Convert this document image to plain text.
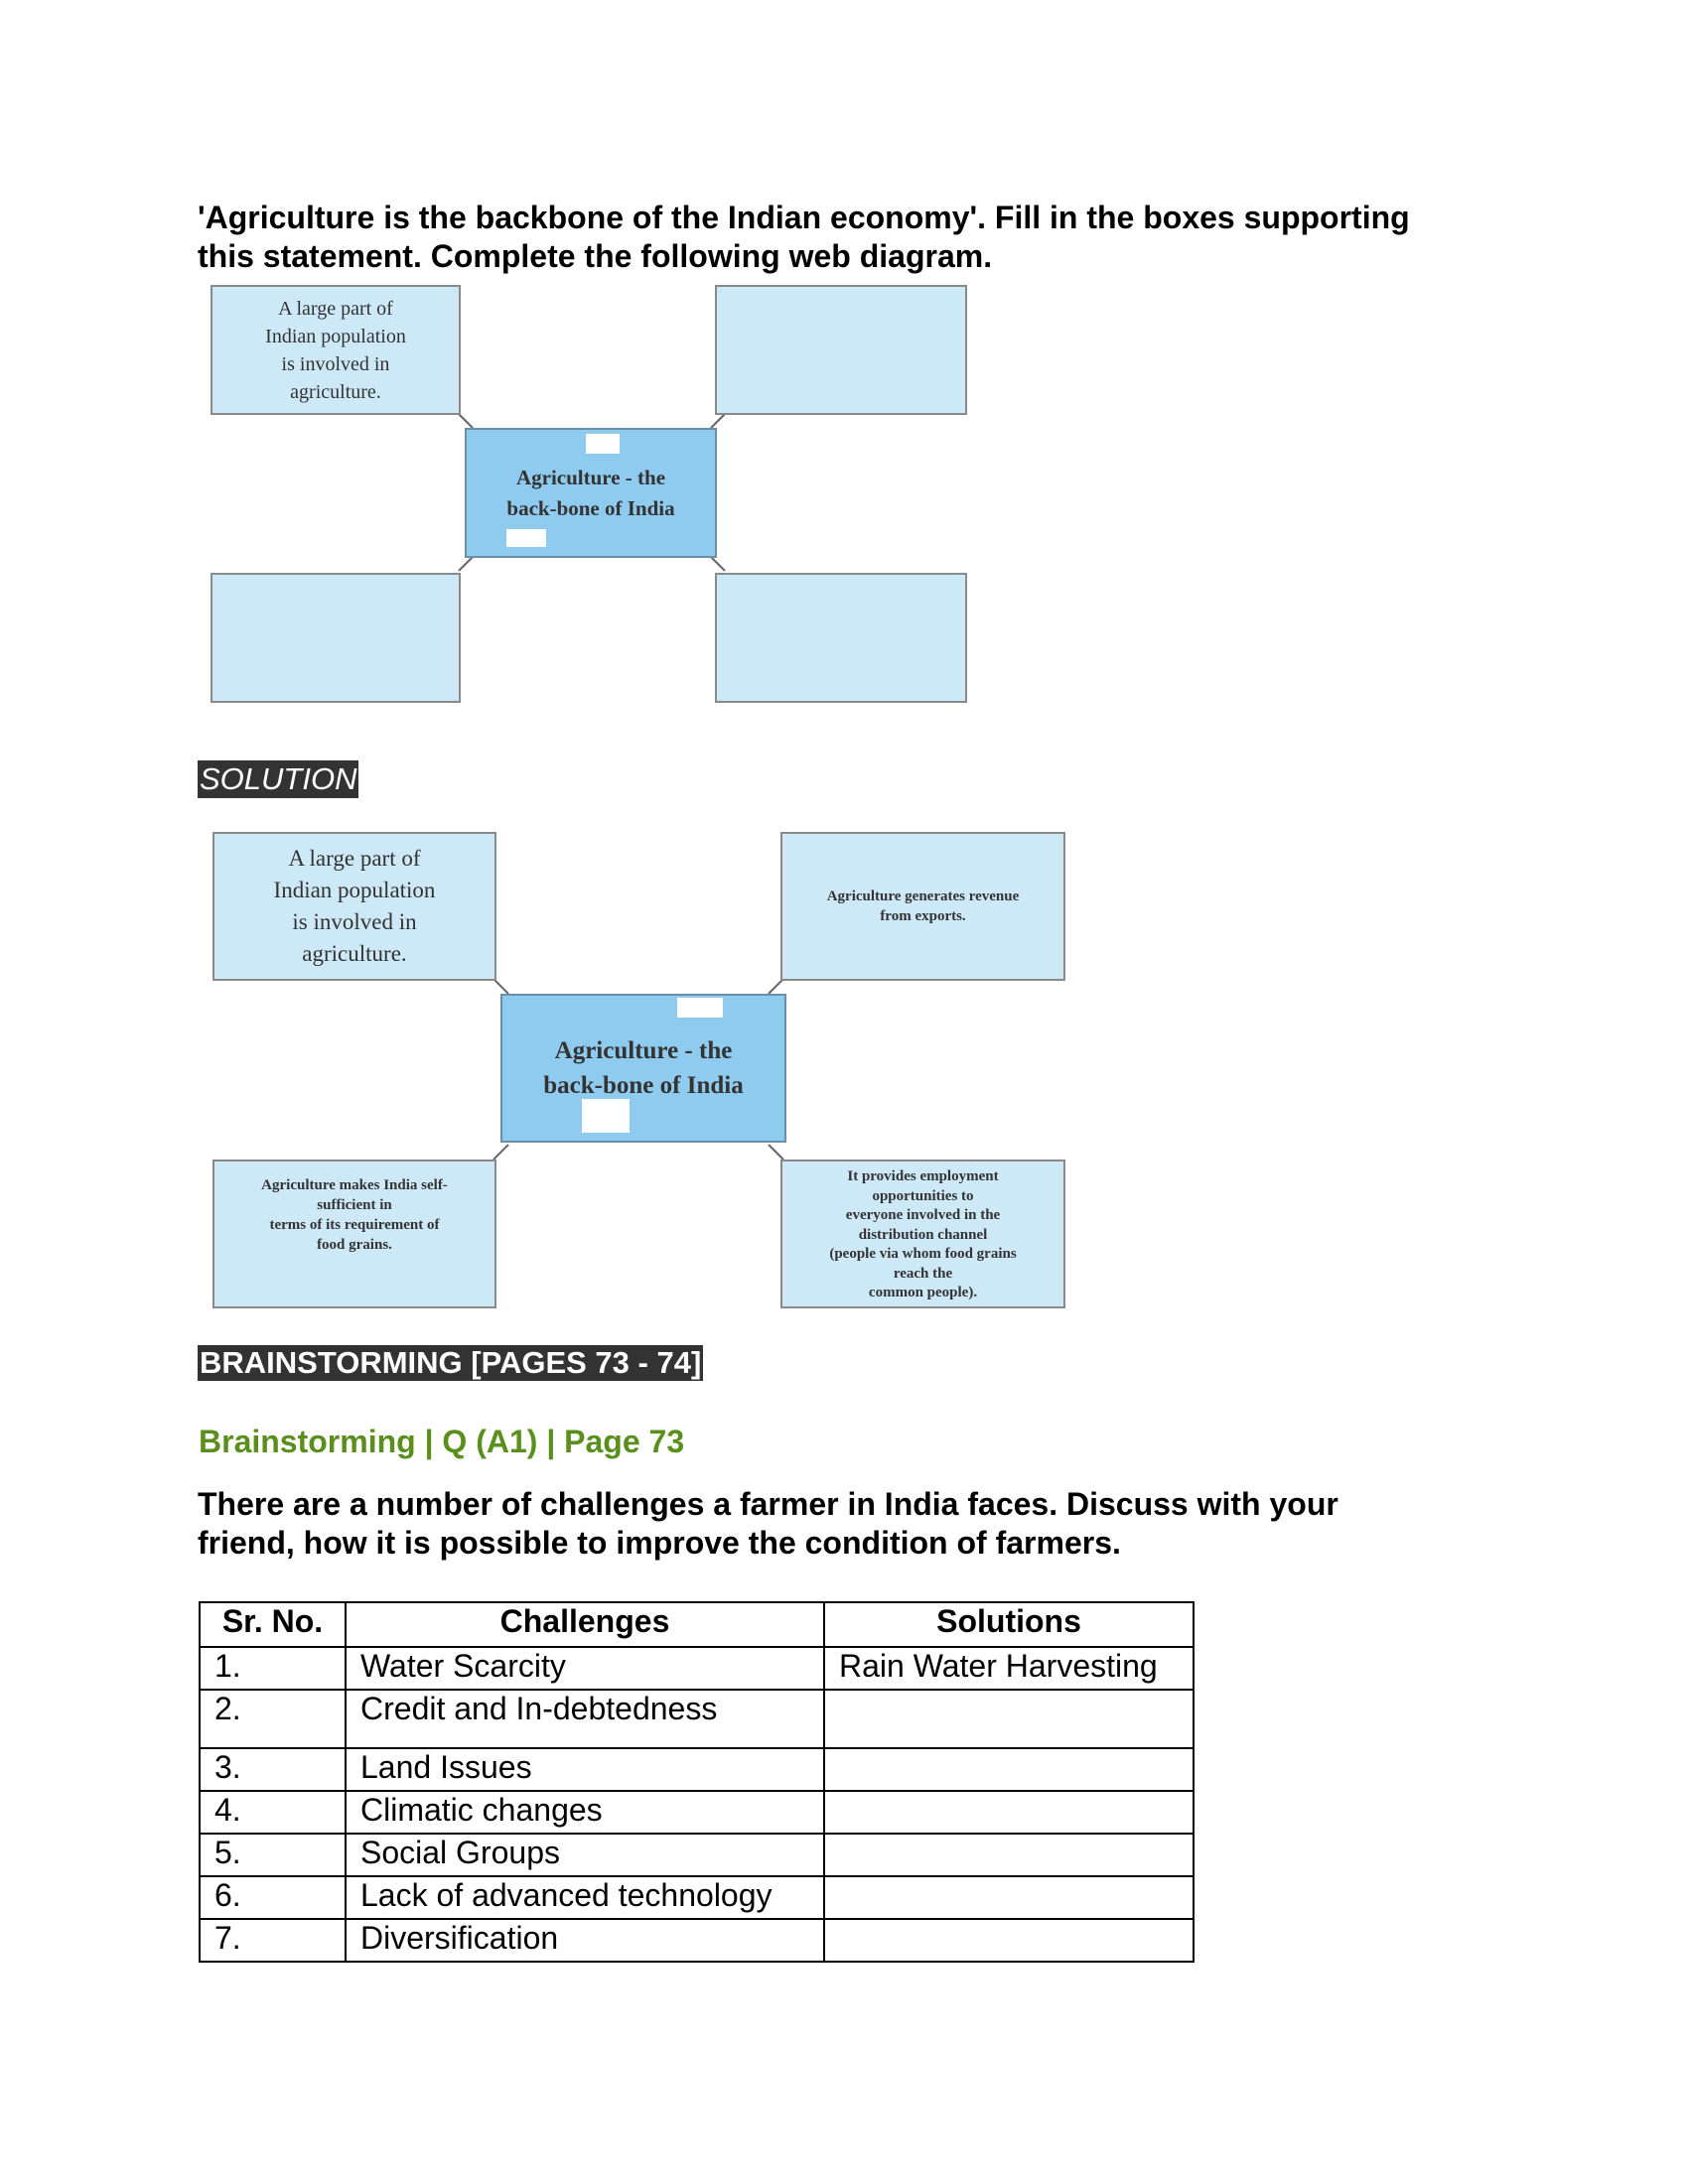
'Agriculture is the backbone of the Indian economy'. Fill in the boxes supporting
this statement. Complete the following web diagram.
A large part of
Indian population
is involved in
agriculture.
Agriculture - the
back-bone of India
SOLUTION
A large part of
Indian population
is involved in
agriculture.
Agriculture generates revenue
from exports.
Agriculture - the
back-bone of India
Agriculture makes India self-
sufficient in
terms of its requirement of
food grains.
It provides employment
opportunities to
everyone involved in the
distribution channel
(people via whom food grains
reach the
common people).
BRAINSTORMING [PAGES 73 - 74]
Brainstorming | Q (A1) | Page 73
There are a number of challenges a farmer in India faces. Discuss with your
friend, how it is possible to improve the condition of farmers.
Sr. No.	Challenges	Solutions
1.	Water Scarcity	Rain Water Harvesting
2.	Credit and In-debtedness	
3.	Land Issues	
4.	Climatic changes	
5.	Social Groups	
6.	Lack of advanced technology	
7.	Diversification	
